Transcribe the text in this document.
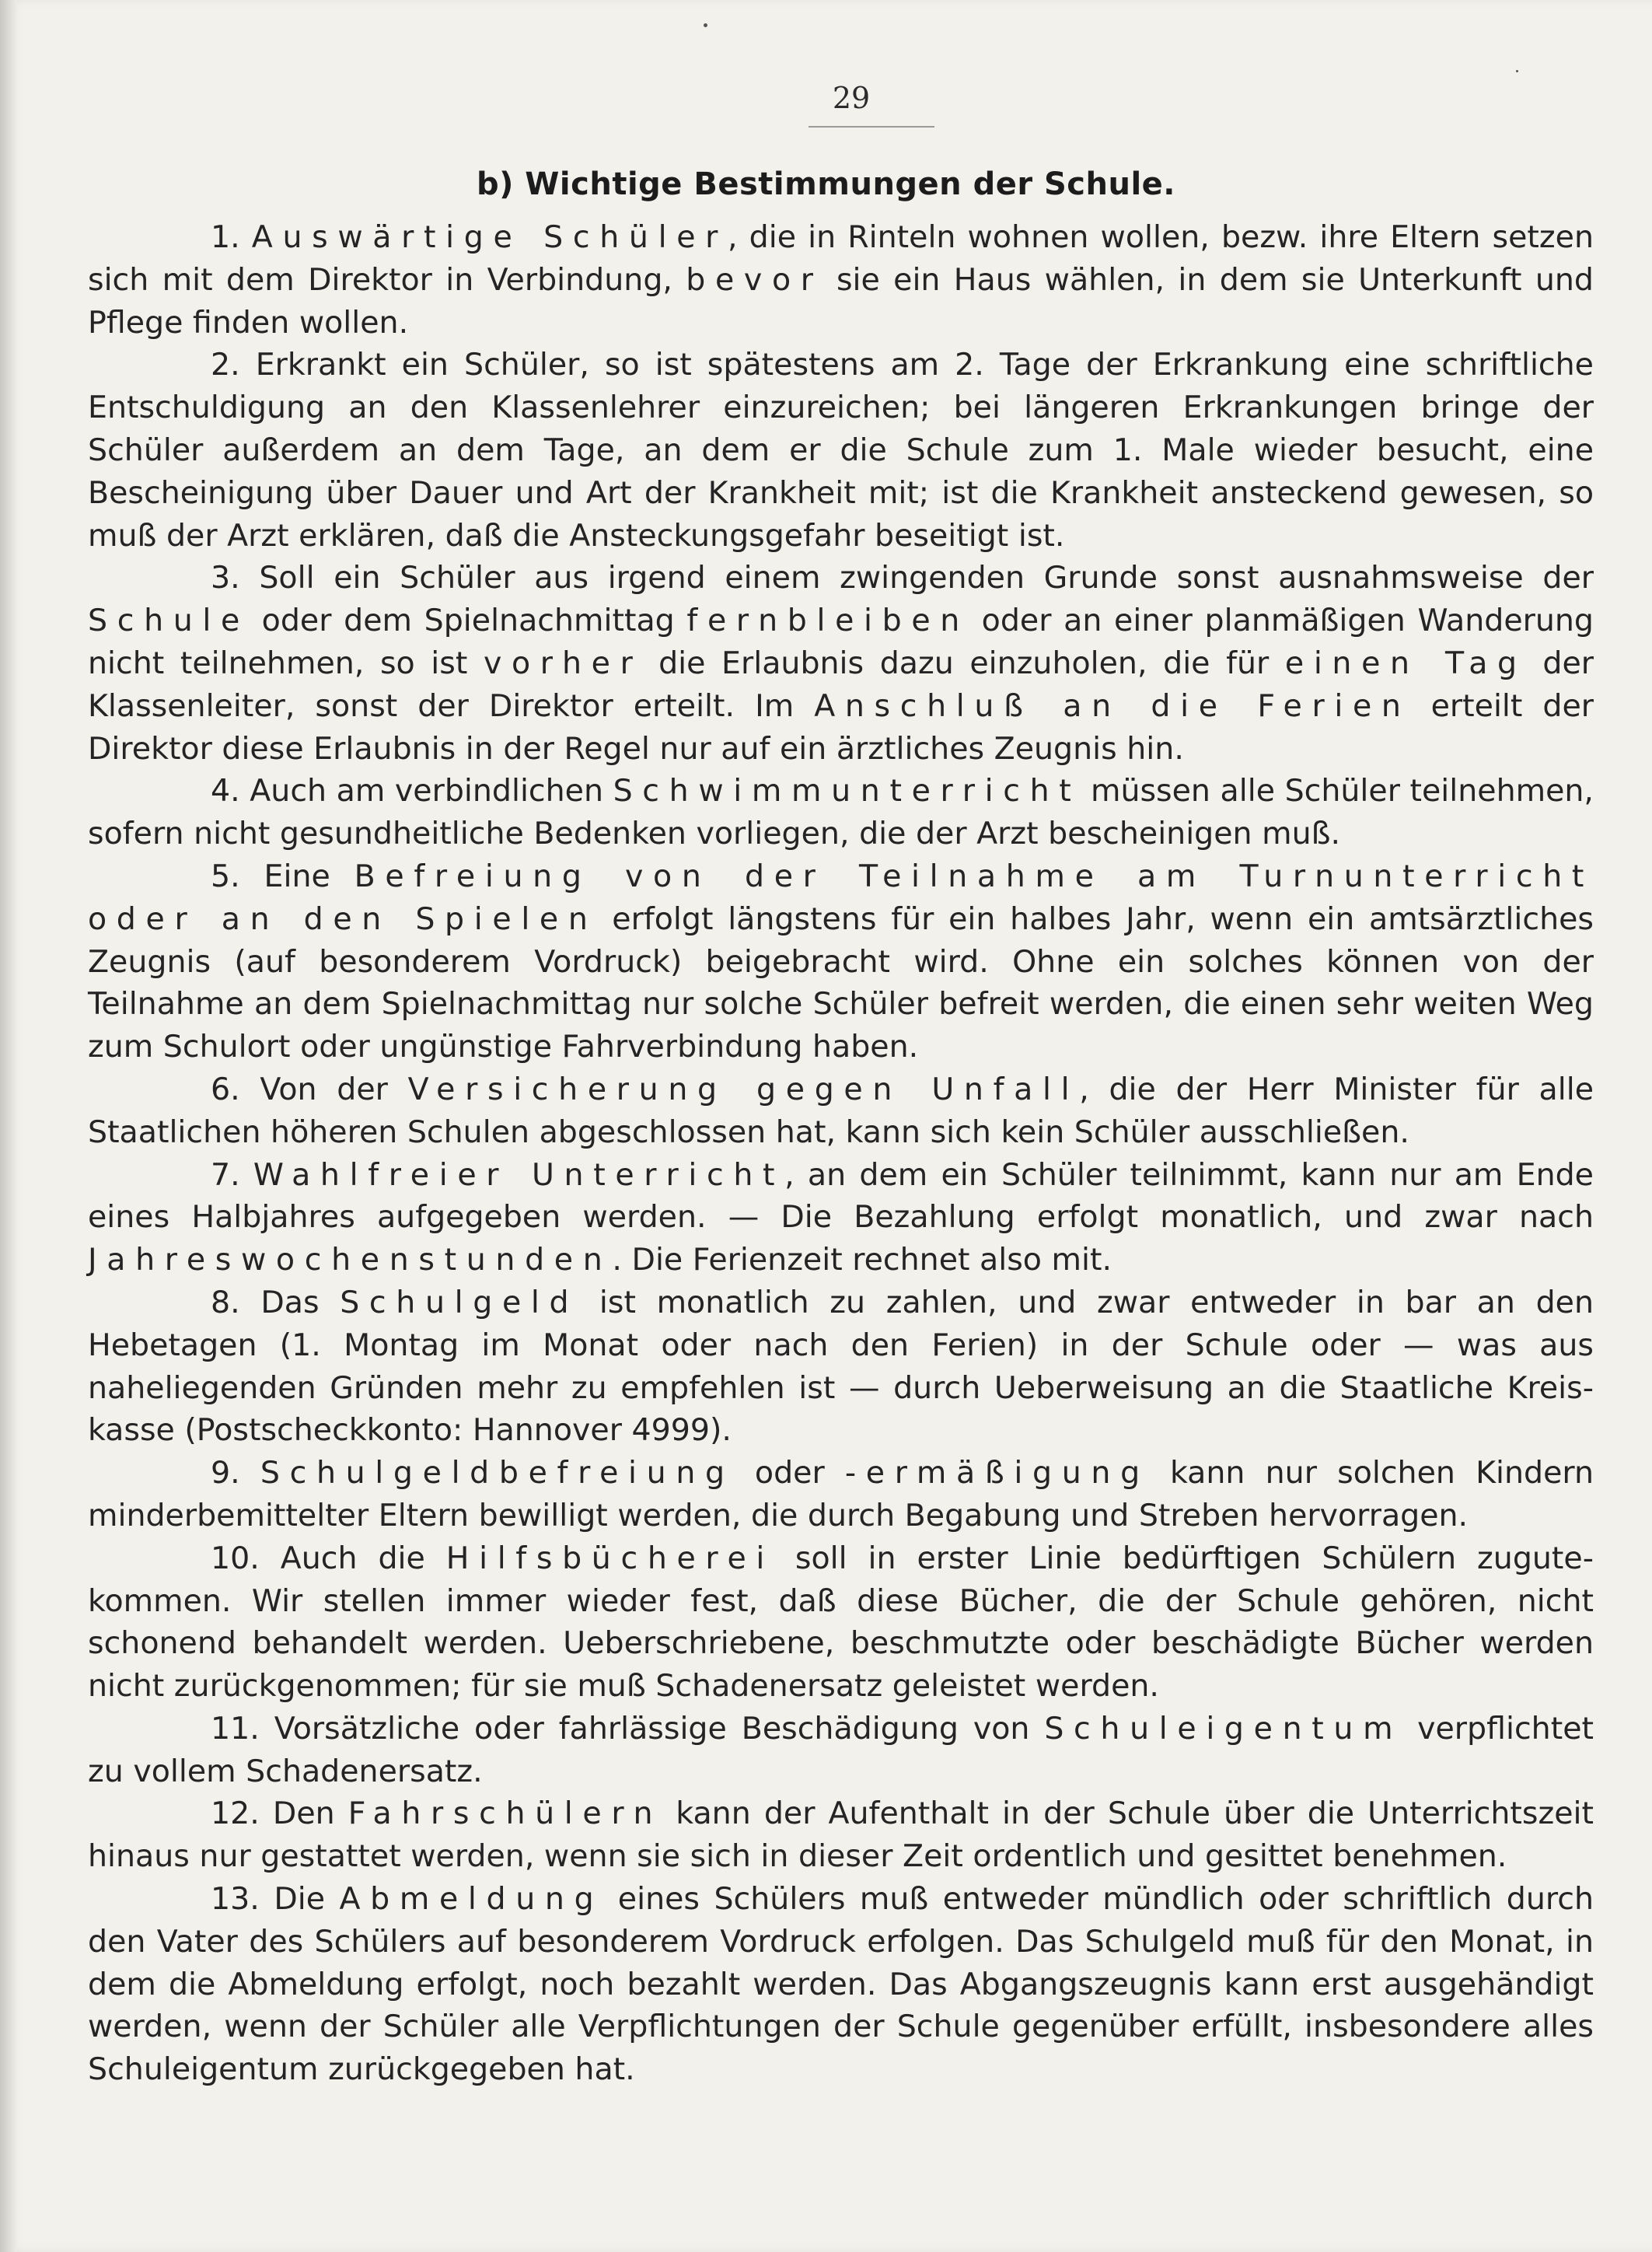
29
b) Wichtige Bestimmungen der Schule.

1. Auswärtige Schüler, die in Rinteln wohnen wollen, bezw. ihre Eltern setzen sich mit dem Direktor in Verbindung, bevor sie ein Haus wählen, in dem sie Unterkunft und Pflege finden wollen.

2. Erkrankt ein Schüler, so ist spätestens am 2. Tage der Erkrankung eine schriftliche Entschuldigung an den Klassenlehrer einzureichen; bei längeren Erkrankungen bringe der Schüler außerdem an dem Tage, an dem er die Schule zum 1. Male wieder besucht, eine Bescheinigung über Dauer und Art der Krankheit mit; ist die Krankheit ansteckend gewesen, so muß der Arzt erklären, daß die Ansteckungsgefahr beseitigt ist.

3. Soll ein Schüler aus irgend einem zwingenden Grunde sonst ausnahmsweise der Schule oder dem Spielnachmittag fernbleiben oder an einer planmäßigen Wanderung nicht teilnehmen, so ist vorher die Erlaubnis dazu einzuholen, die für einen Tag der Klassenleiter, sonst der Direktor erteilt. Im Anschluß an die Ferien erteilt der Direktor diese Erlaubnis in der Regel nur auf ein ärztliches Zeugnis hin.

4. Auch am verbindlichen Schwimmunterricht müssen alle Schüler teilnehmen, sofern nicht gesundheitliche Bedenken vorliegen, die der Arzt bescheinigen muß.

5. Eine Befreiung von der Teilnahme am Turnunterricht oder an den Spielen erfolgt längstens für ein halbes Jahr, wenn ein amtsärztliches Zeugnis (auf besonderem Vordruck) beigebracht wird. Ohne ein solches können von der Teilnahme an dem Spielnachmittag nur solche Schüler befreit werden, die einen sehr weiten Weg zum Schulort oder ungünstige Fahrverbindung haben.

6. Von der Versicherung gegen Unfall, die der Herr Minister für alle Staatlichen höheren Schulen abgeschlossen hat, kann sich kein Schüler ausschließen.

7. Wahlfreier Unterricht, an dem ein Schüler teilnimmt, kann nur am Ende eines Halbjahres aufgegeben werden. — Die Bezahlung erfolgt monatlich, und zwar nach Jahreswochenstunden. Die Ferienzeit rechnet also mit.

8. Das Schulgeld ist monatlich zu zahlen, und zwar entweder in bar an den Hebetagen (1. Montag im Monat oder nach den Ferien) in der Schule oder — was aus naheliegenden Gründen mehr zu empfehlen ist — durch Ueberweisung an die Staatliche Kreiskasse (Postscheckkonto: Hannover 4999).

9. Schulgeldbefreiung oder -ermäßigung kann nur solchen Kindern minderbemittelter Eltern bewilligt werden, die durch Begabung und Streben hervorragen.

10. Auch die Hilfsbücherei soll in erster Linie bedürftigen Schülern zugutekommen. Wir stellen immer wieder fest, daß diese Bücher, die der Schule gehören, nicht schonend behandelt werden. Ueberschriebene, beschmutzte oder beschädigte Bücher werden nicht zurückgenommen; für sie muß Schadenersatz geleistet werden.

11. Vorsätzliche oder fahrlässige Beschädigung von Schuleigentum verpflichtet zu vollem Schadenersatz.

12. Den Fahrschülern kann der Aufenthalt in der Schule über die Unterrichtszeit hinaus nur gestattet werden, wenn sie sich in dieser Zeit ordentlich und gesittet benehmen.

13. Die Abmeldung eines Schülers muß entweder mündlich oder schriftlich durch den Vater des Schülers auf besonderem Vordruck erfolgen. Das Schulgeld muß für den Monat, in dem die Abmeldung erfolgt, noch bezahlt werden. Das Abgangszeugnis kann erst ausgehändigt werden, wenn der Schüler alle Verpflichtungen der Schule gegenüber erfüllt, insbesondere alles Schuleigentum zurückgegeben hat.
